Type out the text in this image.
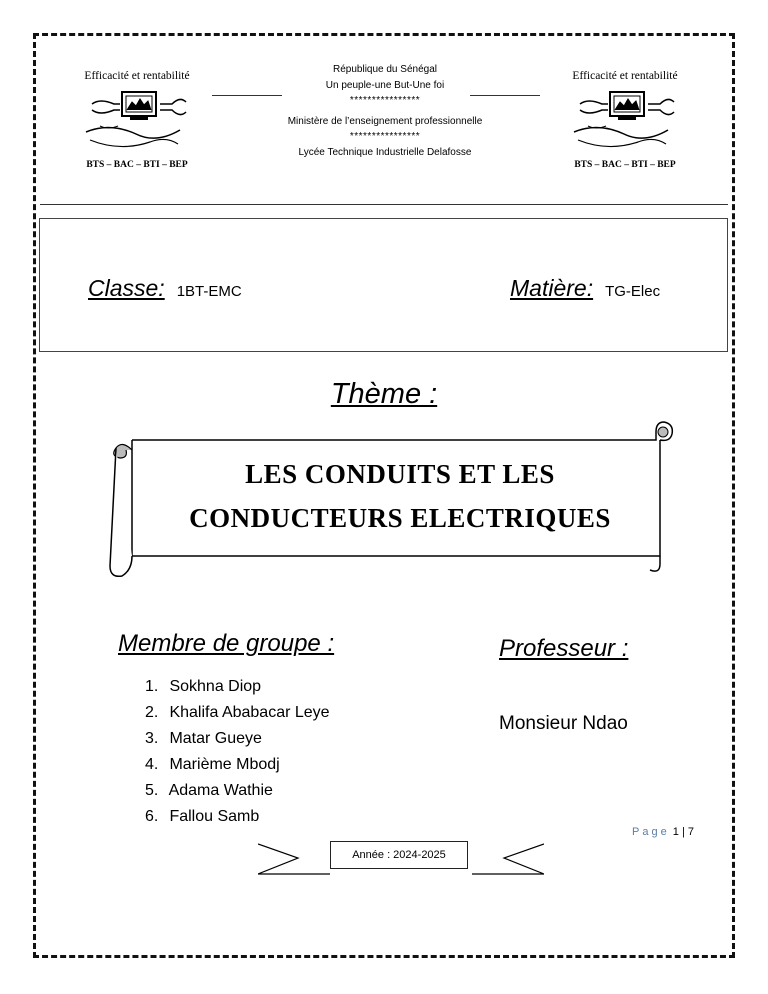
Efficacité et rentabilité
BTS – BAC – BTI – BEP
République du Sénégal
Un peuple-une But-Une foi
****************
Ministère de l’enseignement professionnelle
****************
Lycée Technique Industrielle Delafosse
Efficacité et rentabilité
BTS – BAC – BTI – BEP
Classe: 1BT-EMC	Matière: TG-Elec
Thème :
LES CONDUITS ET LES
CONDUCTEURS ELECTRIQUES
Membre de groupe :
1. Sokhna Diop
2. Khalifa Ababacar Leye
3. Matar Gueye
4. Marième Mbodj
5. Adama Wathie
6. Fallou Samb
Professeur :
Monsieur Ndao
Page 1 | 7
Année : 2024-2025
